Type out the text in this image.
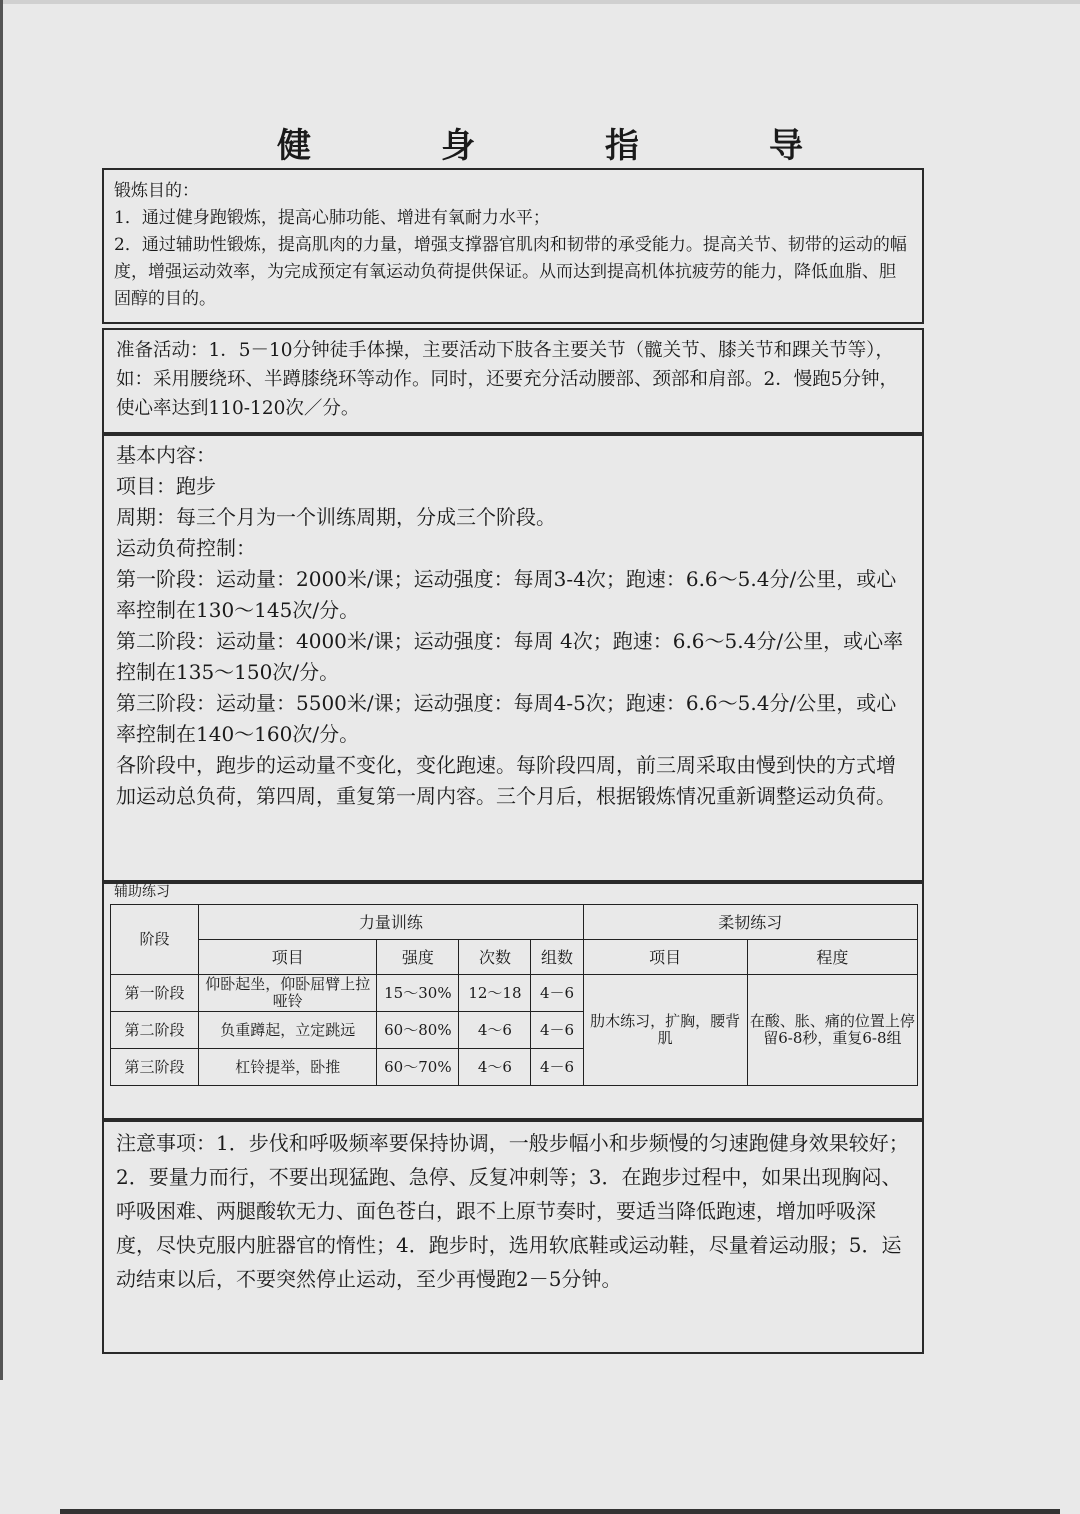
健　身　指　导
锻炼目的：
1．通过健身跑锻炼，提高心肺功能、增进有氧耐力水平；
2．通过辅助性锻炼，提高肌肉的力量，增强支撑器官肌肉和韧带的承受能力。提高关节、韧带的运动的幅度，增强运动效率，为完成预定有氧运动负荷提供保证。从而达到提高机体抗疲劳的能力，降低血脂、胆固醇的目的。
准备活动：1．5－10分钟徒手体操，主要活动下肢各主要关节（髋关节、膝关节和踝关节等），如：采用腰绕环、半蹲膝绕环等动作。同时，还要充分活动腰部、颈部和肩部。2．慢跑5分钟，使心率达到110-120次／分。
基本内容：
项目：跑步
周期：每三个月为一个训练周期，分成三个阶段。
运动负荷控制：
第一阶段：运动量：2000米/课；运动强度：每周3-4次；跑速：6.6～5.4分/公里，或心率控制在130～145次/分。
第二阶段：运动量：4000米/课；运动强度：每周 4次；跑速：6.6～5.4分/公里，或心率控制在135～150次/分。
第三阶段：运动量：5500米/课；运动强度：每周4-5次；跑速：6.6～5.4分/公里，或心率控制在140～160次/分。
各阶段中，跑步的运动量不变化，变化跑速。每阶段四周，前三周采取由慢到快的方式增加运动总负荷，第四周，重复第一周内容。三个月后，根据锻炼情况重新调整运动负荷。
辅助练习
阶段	力量训练				柔韧练习	
	项目	强度	次数	组数	项目	程度
第一阶段	仰卧起坐，仰卧屈臂上拉哑铃	15～30%	12～18	4－6	肋木练习，扩胸，腰背肌	在酸、胀、痛的位置上停留6-8秒，重复6-8组
第二阶段	负重蹲起，立定跳远	60～80%	4～6	4－6		
第三阶段	杠铃提举，卧推	60～70%	4～6	4－6		
注意事项：1．步伐和呼吸频率要保持协调，一般步幅小和步频慢的匀速跑健身效果较好；2．要量力而行，不要出现猛跑、急停、反复冲刺等；3．在跑步过程中，如果出现胸闷、呼吸困难、两腿酸软无力、面色苍白，跟不上原节奏时，要适当降低跑速，增加呼吸深度，尽快克服内脏器官的惰性；4．跑步时，选用软底鞋或运动鞋，尽量着运动服；5．运动结束以后，不要突然停止运动，至少再慢跑2－5分钟。
